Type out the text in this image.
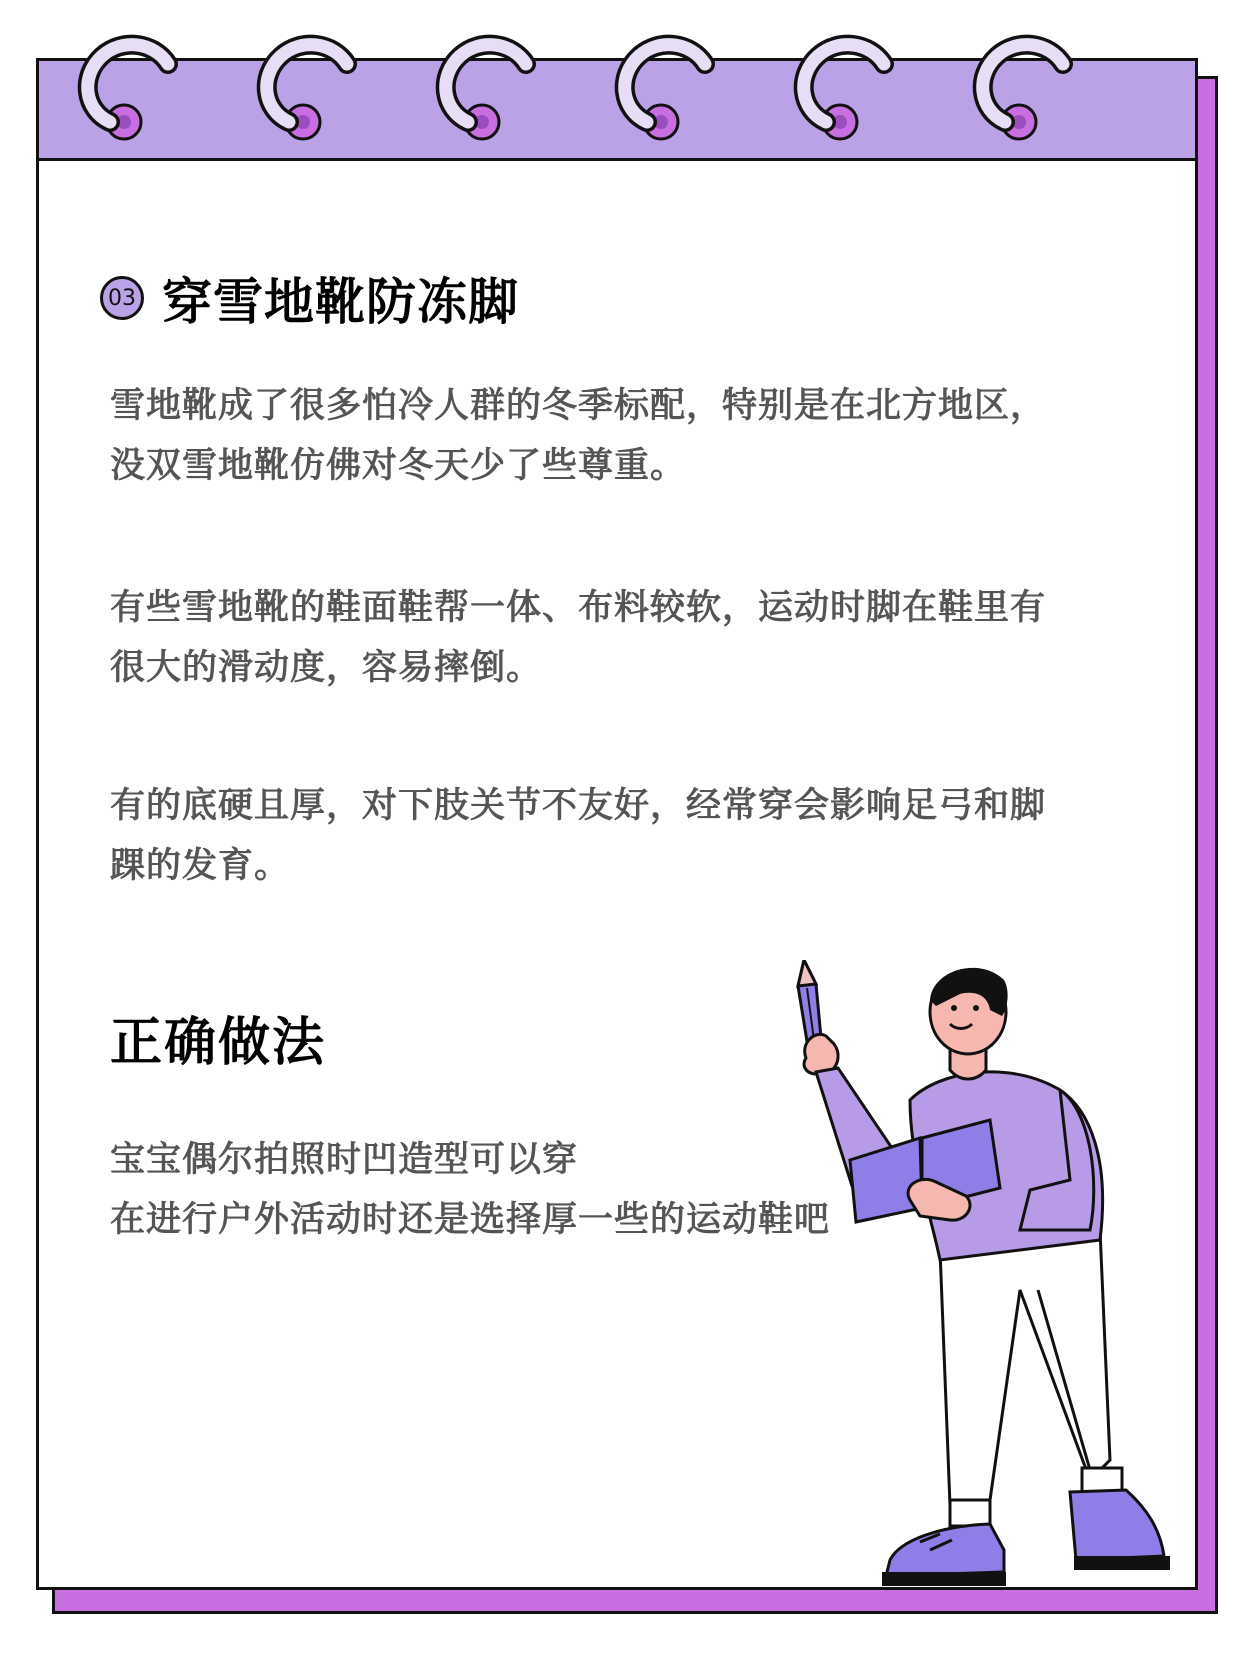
03 穿雪地靴防冻脚
雪地靴成了很多怕冷人群的冬季标配，特别是在北方地区，
没双雪地靴仿佛对冬天少了些尊重。
有些雪地靴的鞋面鞋帮一体、布料较软，运动时脚在鞋里有
很大的滑动度，容易摔倒。
有的底硬且厚，对下肢关节不友好，经常穿会影响足弓和脚
踝的发育。
正确做法
宝宝偶尔拍照时凹造型可以穿
在进行户外活动时还是选择厚一些的运动鞋吧
